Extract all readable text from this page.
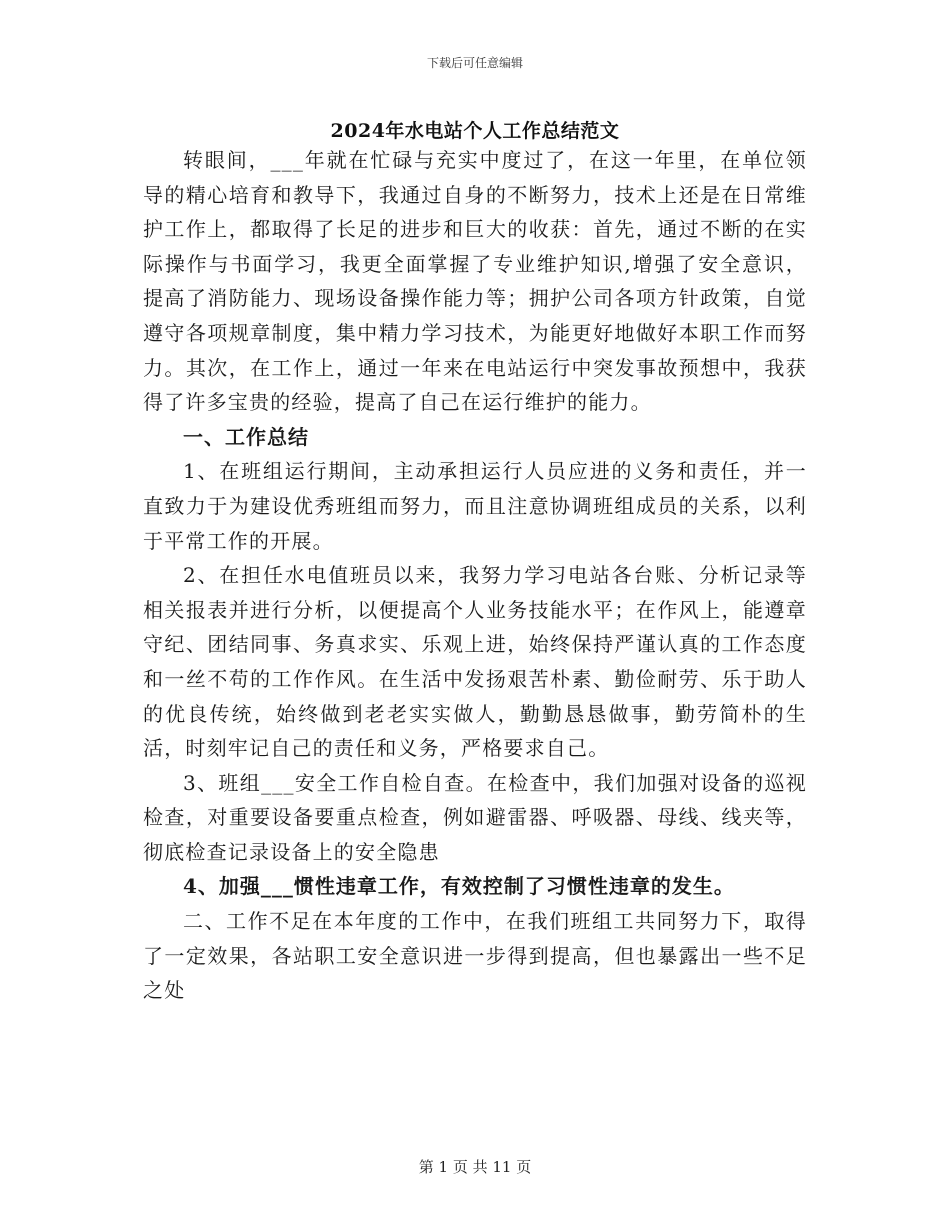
下载后可任意编辑
2024年水电站个人工作总结范文

转眼间，___年就在忙碌与充实中度过了，在这一年里，在单位领导的精心培育和教导下，我通过自身的不断努力，技术上还是在日常维护工作上，都取得了长足的进步和巨大的收获：首先，通过不断的在实际操作与书面学习，我更全面掌握了专业维护知识,增强了安全意识，提高了消防能力、现场设备操作能力等；拥护公司各项方针政策，自觉遵守各项规章制度，集中精力学习技术，为能更好地做好本职工作而努力。其次，在工作上，通过一年来在电站运行中突发事故预想中，我获得了许多宝贵的经验，提高了自己在运行维护的能力。

一、工作总结

1、在班组运行期间，主动承担运行人员应进的义务和责任，并一直致力于为建设优秀班组而努力，而且注意协调班组成员的关系，以利于平常工作的开展。

2、在担任水电值班员以来，我努力学习电站各台账、分析记录等相关报表并进行分析，以便提高个人业务技能水平；在作风上，能遵章守纪、团结同事、务真求实、乐观上进，始终保持严谨认真的工作态度和一丝不苟的工作作风。在生活中发扬艰苦朴素、勤俭耐劳、乐于助人的优良传统，始终做到老老实实做人，勤勤恳恳做事，勤劳简朴的生活，时刻牢记自己的责任和义务，严格要求自己。

3、班组___安全工作自检自查。在检查中，我们加强对设备的巡视检查，对重要设备要重点检查，例如避雷器、呼吸器、母线、线夹等，彻底检查记录设备上的安全隐患

4、加强___惯性违章工作，有效控制了习惯性违章的发生。

二、工作不足在本年度的工作中，在我们班组工共同努力下，取得了一定效果，各站职工安全意识进一步得到提高，但也暴露出一些不足之处

第 1 页 共 11 页
